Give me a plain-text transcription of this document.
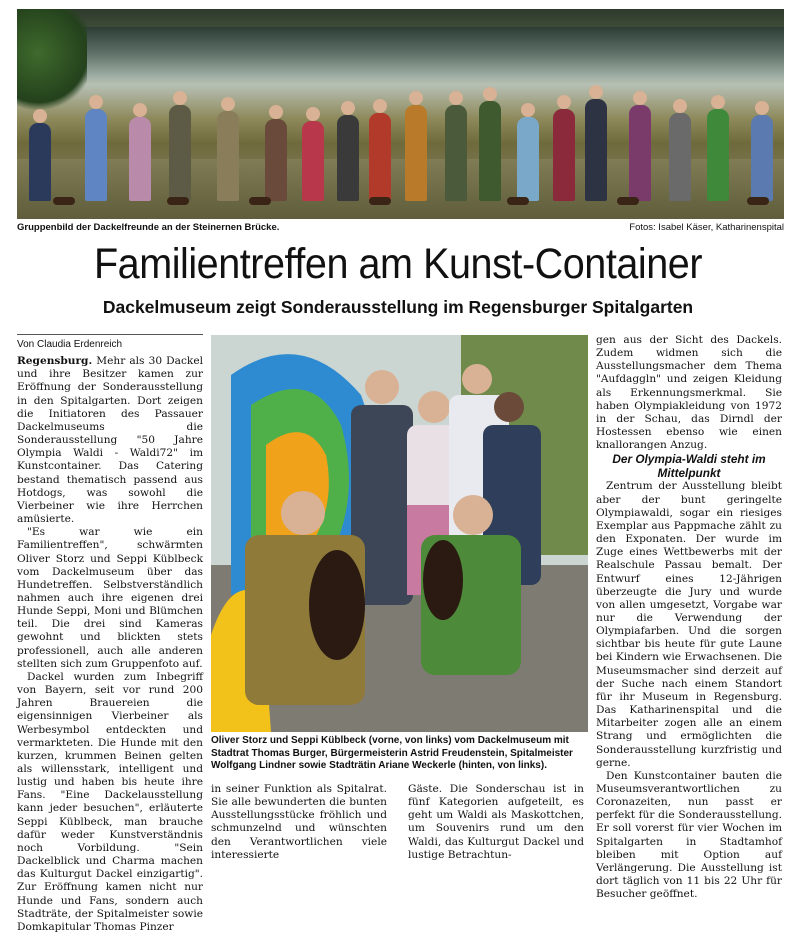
Gruppenbild der Dackelfreunde an der Steinernen Brücke.	Fotos: Isabel Käser, Katharinenspital
Familientreffen am Kunst-Container
Dackelmuseum zeigt Sonderausstellung im Regensburger Spitalgarten

Von Claudia Erdenreich

Regensburg. Mehr als 30 Dackel und ihre Besitzer kamen zur Eröffnung der Sonderausstellung in den Spitalgarten. Dort zeigen die Initiatoren des Passauer Dackelmuseums die Sonderausstellung "50 Jahre Olympia Waldi - Waldi72" im Kunstcontainer. Das Catering bestand thematisch passend aus Hotdogs, was sowohl die Vierbeiner wie ihre Herrchen amüsierte.

"Es war wie ein Familientreffen", schwärmten Oliver Storz und Seppi Küblbeck vom Dackelmuseum über das Hundetreffen. Selbstverständlich nahmen auch ihre eigenen drei Hunde Seppi, Moni und Blümchen teil. Die drei sind Kameras gewohnt und blickten stets professionell, auch alle anderen stellten sich zum Gruppenfoto auf.

Dackel wurden zum Inbegriff von Bayern, seit vor rund 200 Jahren Brauereien die eigensinnigen Vierbeiner als Werbesymbol entdeckten und vermarkteten. Die Hunde mit den kurzen, krummen Beinen gelten als willensstark, intelligent und lustig und haben bis heute ihre Fans. "Eine Dackelausstellung kann jeder besuchen", erläuterte Seppi Küblbeck, man brauche dafür weder Kunstverständnis noch Vorbildung. "Sein Dackelblick und Charma machen das Kulturgut Dackel einzigartig". Zur Eröffnung kamen nicht nur Hunde und Fans, sondern auch Stadträte, der Spitalmeister sowie Domkapitular Thomas Pinzer

Oliver Storz und Seppi Küblbeck (vorne, von links) vom Dackelmuseum mit Stadtrat Thomas Burger, Bürgermeisterin Astrid Freudenstein, Spitalmeister Wolfgang Lindner sowie Stadträtin Ariane Weckerle (hinten, von links).

in seiner Funktion als Spitalrat. Sie alle bewunderten die bunten Ausstellungsstücke fröhlich und schmunzelnd und wünschten den Verantwortlichen viele interessierte

Gäste. Die Sonderschau ist in fünf Kategorien aufgeteilt, es geht um Waldi als Maskottchen, um Souvenirs rund um den Waldi, das Kulturgut Dackel und lustige Betrachtun-

gen aus der Sicht des Dackels. Zudem widmen sich die Ausstellungsmacher dem Thema "Aufdaggln" und zeigen Kleidung als Erkennungsmerkmal. Sie haben Olympiakleidung von 1972 in der Schau, das Dirndl der Hostessen ebenso wie einen knallorangen Anzug.

Der Olympia-Waldi steht im Mittelpunkt

Zentrum der Ausstellung bleibt aber der bunt geringelte Olympiawaldi, sogar ein riesiges Exemplar aus Pappmache zählt zu den Exponaten. Der wurde im Zuge eines Wettbewerbs mit der Realschule Passau bemalt. Der Entwurf eines 12-Jährigen überzeugte die Jury und wurde von allen umgesetzt, Vorgabe war nur die Verwendung der Olympiafarben. Und die sorgen sichtbar bis heute für gute Laune bei Kindern wie Erwachsenen. Die Museumsmacher sind derzeit auf der Suche nach einem Standort für ihr Museum in Regensburg. Das Katharinenspital und die Mitarbeiter zogen alle an einem Strang und ermöglichten die Sonderausstellung kurzfristig und gerne.

Den Kunstcontainer bauten die Museumsverantwortlichen zu Coronazeiten, nun passt er perfekt für die Sonderausstellung. Er soll vorerst für vier Wochen im Spitalgarten in Stadtamhof bleiben mit Option auf Verlängerung. Die Ausstellung ist dort täglich von 11 bis 22 Uhr für Besucher geöffnet.
